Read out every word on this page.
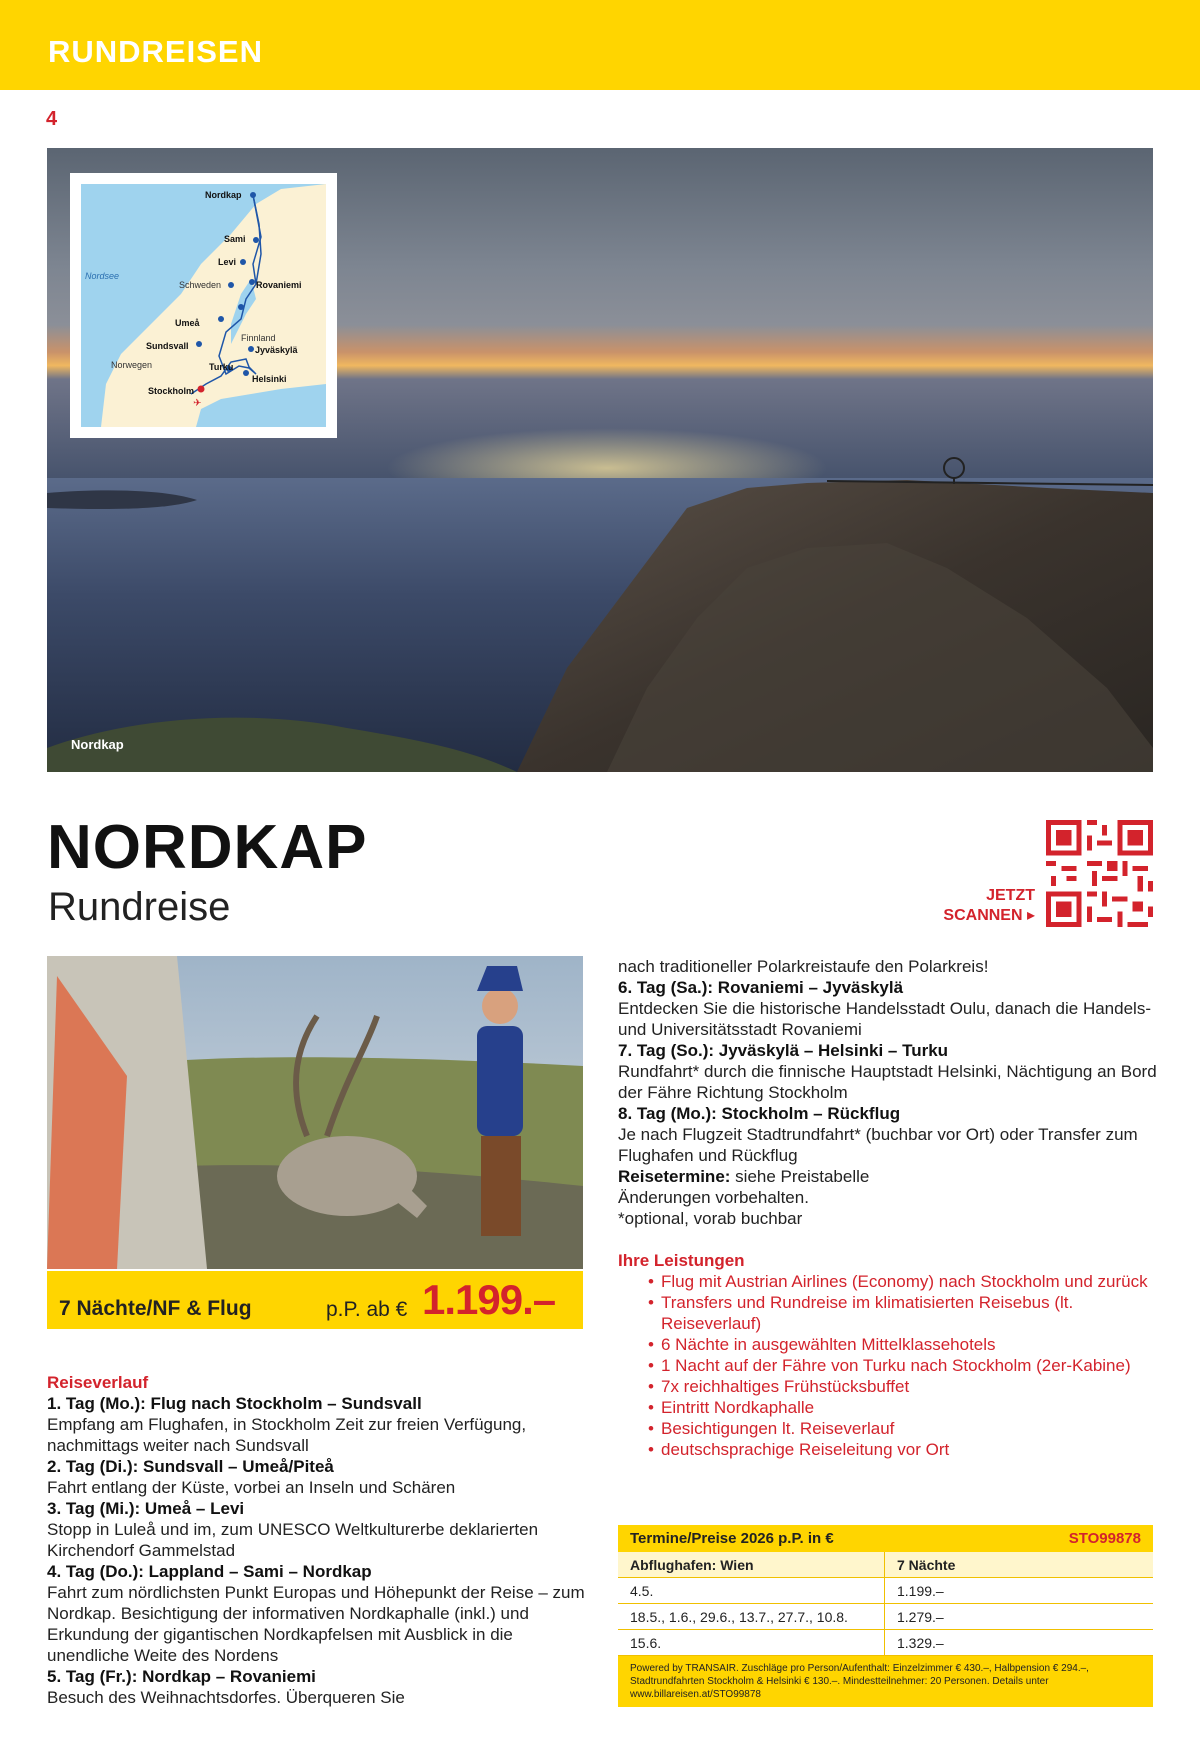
RUNDREISEN
4
Nordkap
Nordkap
Sami
Levi
Nordsee
Schweden	Rovaniemi
Umeå
Finnland
Jyväskylä
Sundsvall
Norwegen	Turku
Helsinki
Stockholm
✈
NORDKAP
Rundreise	JETZT
SCANNEN ▸
7 Nächte/NF & Flug	p.P. ab € 1.199.–
Reiseverlauf
1. Tag (Mo.): Flug nach Stockholm – Sundsvall
Empfang am Flughafen, in Stockholm Zeit zur freien Verfügung, nachmittags weiter nach Sundsvall
2. Tag (Di.): Sundsvall – Umeå/Piteå
Fahrt entlang der Küste, vorbei an Inseln und Schären
3. Tag (Mi.): Umeå – Levi
Stopp in Luleå und im, zum UNESCO Weltkulturerbe deklarierten Kirchendorf Gammelstad
4. Tag (Do.): Lappland – Sami – Nordkap
Fahrt zum nördlichsten Punkt Europas und Höhepunkt der Reise – zum Nordkap. Besichtigung der informativen Nordkaphalle (inkl.) und Erkundung der gigantischen Nordkapfelsen mit Ausblick in die unendliche Weite des Nordens
5. Tag (Fr.): Nordkap – Rovaniemi
Besuch des Weihnachtsdorfes. Überqueren Sie
nach traditioneller Polarkreistaufe den Polarkreis!
6. Tag (Sa.): Rovaniemi – Jyväskylä
Entdecken Sie die historische Handelsstadt Oulu, danach die Handels- und Universitätsstadt Rovaniemi
7. Tag (So.): Jyväskylä – Helsinki – Turku
Rundfahrt* durch die finnische Hauptstadt Helsinki, Nächtigung an Bord der Fähre Richtung Stockholm
8. Tag (Mo.): Stockholm – Rückflug
Je nach Flugzeit Stadtrundfahrt* (buchbar vor Ort) oder Transfer zum Flughafen und Rückflug
Reisetermine: siehe Preistabelle
Änderungen vorbehalten.
*optional, vorab buchbar
Ihre Leistungen
• Flug mit Austrian Airlines (Economy) nach Stockholm und zurück
• Transfers und Rundreise im klimatisierten Reisebus (lt. Reiseverlauf)
• 6 Nächte in ausgewählten Mittelklassehotels
• 1 Nacht auf der Fähre von Turku nach Stockholm (2er-Kabine)
• 7x reichhaltiges Frühstücksbuffet
• Eintritt Nordkaphalle
• Besichtigungen lt. Reiseverlauf
• deutschsprachige Reiseleitung vor Ort
Termine/Preise 2026 p.P. in €	STO99878
Abflughafen: Wien	7 Nächte
4.5.	1.199.–
18.5., 1.6., 29.6., 13.7., 27.7., 10.8.	1.279.–
15.6.	1.329.–
Powered by TRANSAIR. Zuschläge pro Person/Aufenthalt: Einzelzimmer € 430.–, Halbpension € 294.–, Stadtrundfahrten Stockholm & Helsinki € 130.–. Mindestteilnehmer: 20 Personen. Details unter www.billareisen.at/STO99878
